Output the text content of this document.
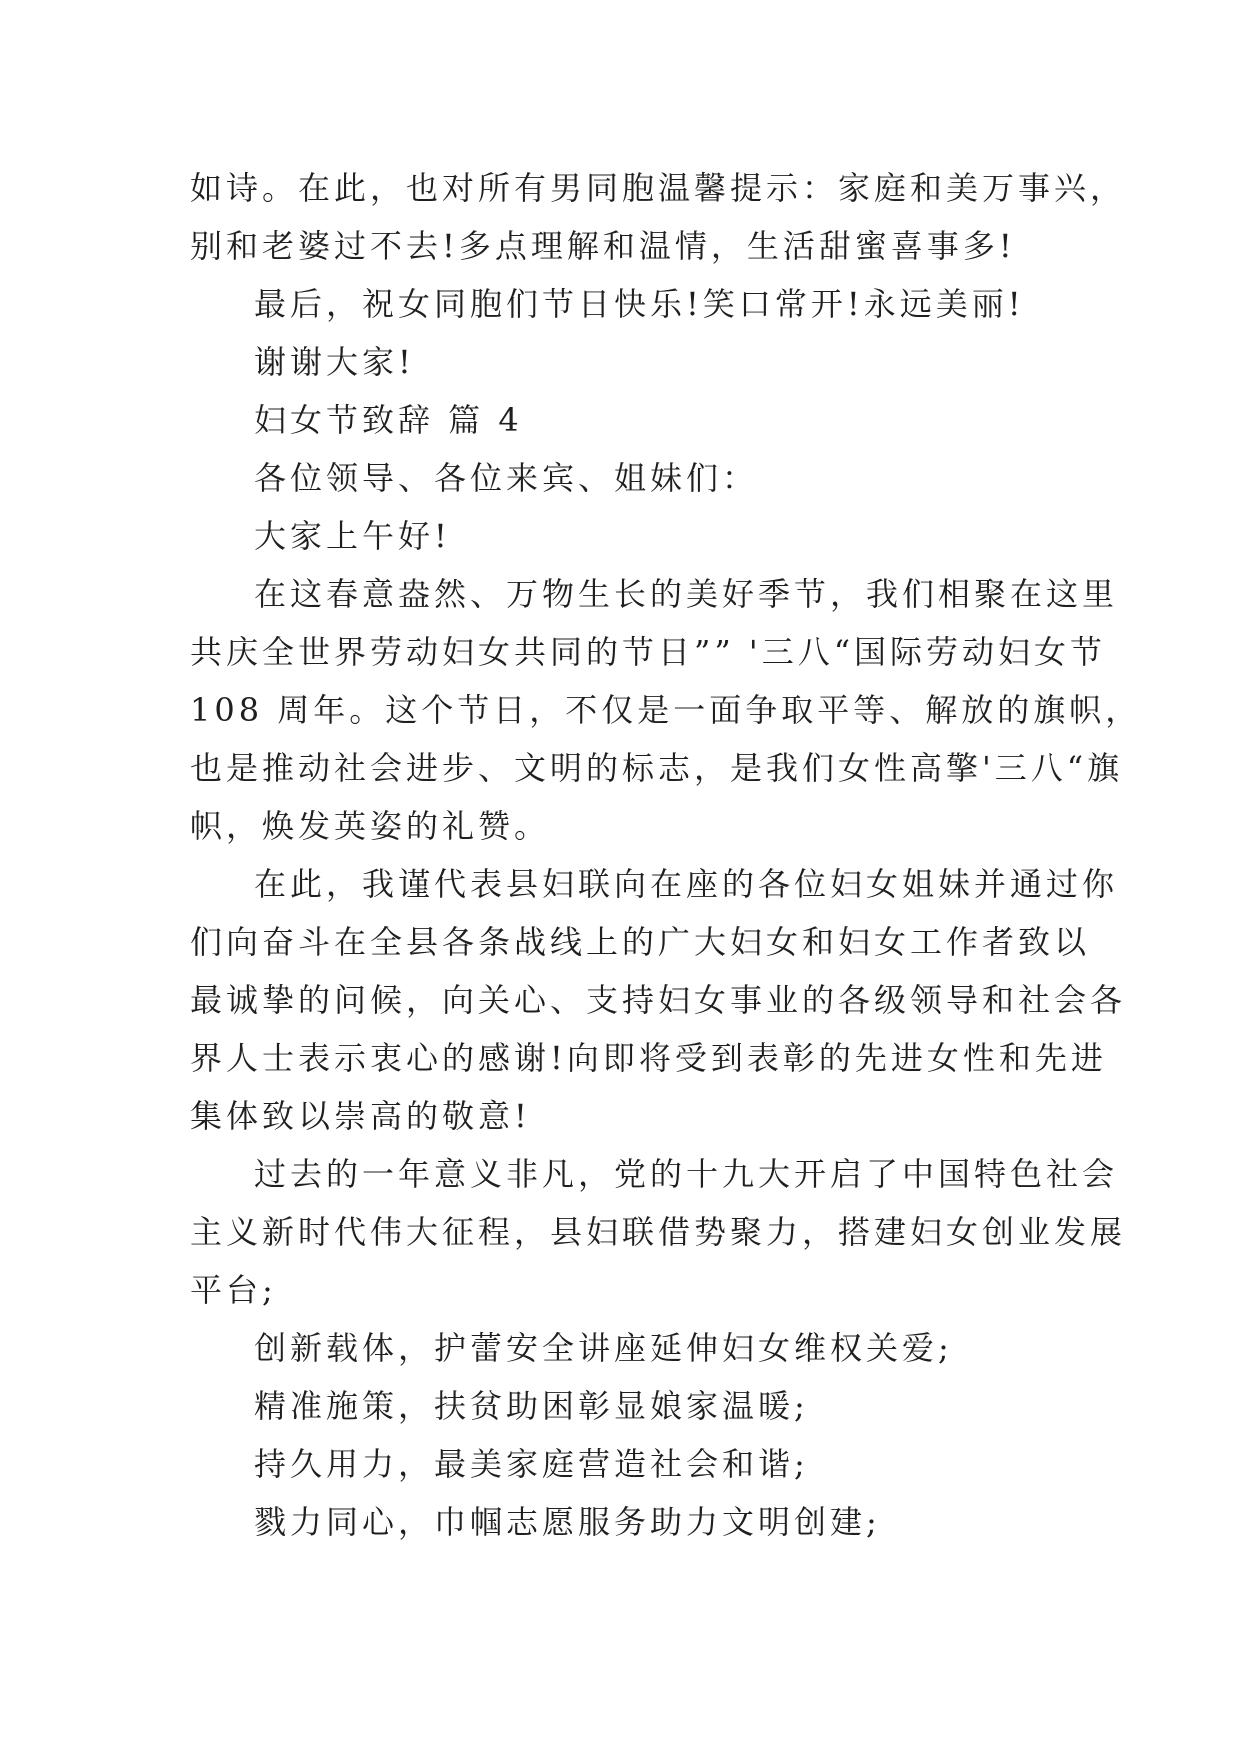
如诗。在此，也对所有男同胞温馨提示：家庭和美万事兴，
别和老婆过不去!多点理解和温情，生活甜蜜喜事多!
最后，祝女同胞们节日快乐!笑口常开!永远美丽!
谢谢大家!
妇女节致辞 篇 4
各位领导、各位来宾、姐妹们：
大家上午好!
在这春意盎然、万物生长的美好季节，我们相聚在这里
共庆全世界劳动妇女共同的节日”” '三八“国际劳动妇女节
108 周年。这个节日，不仅是一面争取平等、解放的旗帜，
也是推动社会进步、文明的标志，是我们女性高擎'三八“旗
帜，焕发英姿的礼赞。
在此，我谨代表县妇联向在座的各位妇女姐妹并通过你
们向奋斗在全县各条战线上的广大妇女和妇女工作者致以
最诚挚的问候，向关心、支持妇女事业的各级领导和社会各
界人士表示衷心的感谢!向即将受到表彰的先进女性和先进
集体致以崇高的敬意!
过去的一年意义非凡，党的十九大开启了中国特色社会
主义新时代伟大征程，县妇联借势聚力，搭建妇女创业发展
平台;
创新载体，护蕾安全讲座延伸妇女维权关爱;
精准施策，扶贫助困彰显娘家温暖;
持久用力，最美家庭营造社会和谐;
戮力同心，巾帼志愿服务助力文明创建;
